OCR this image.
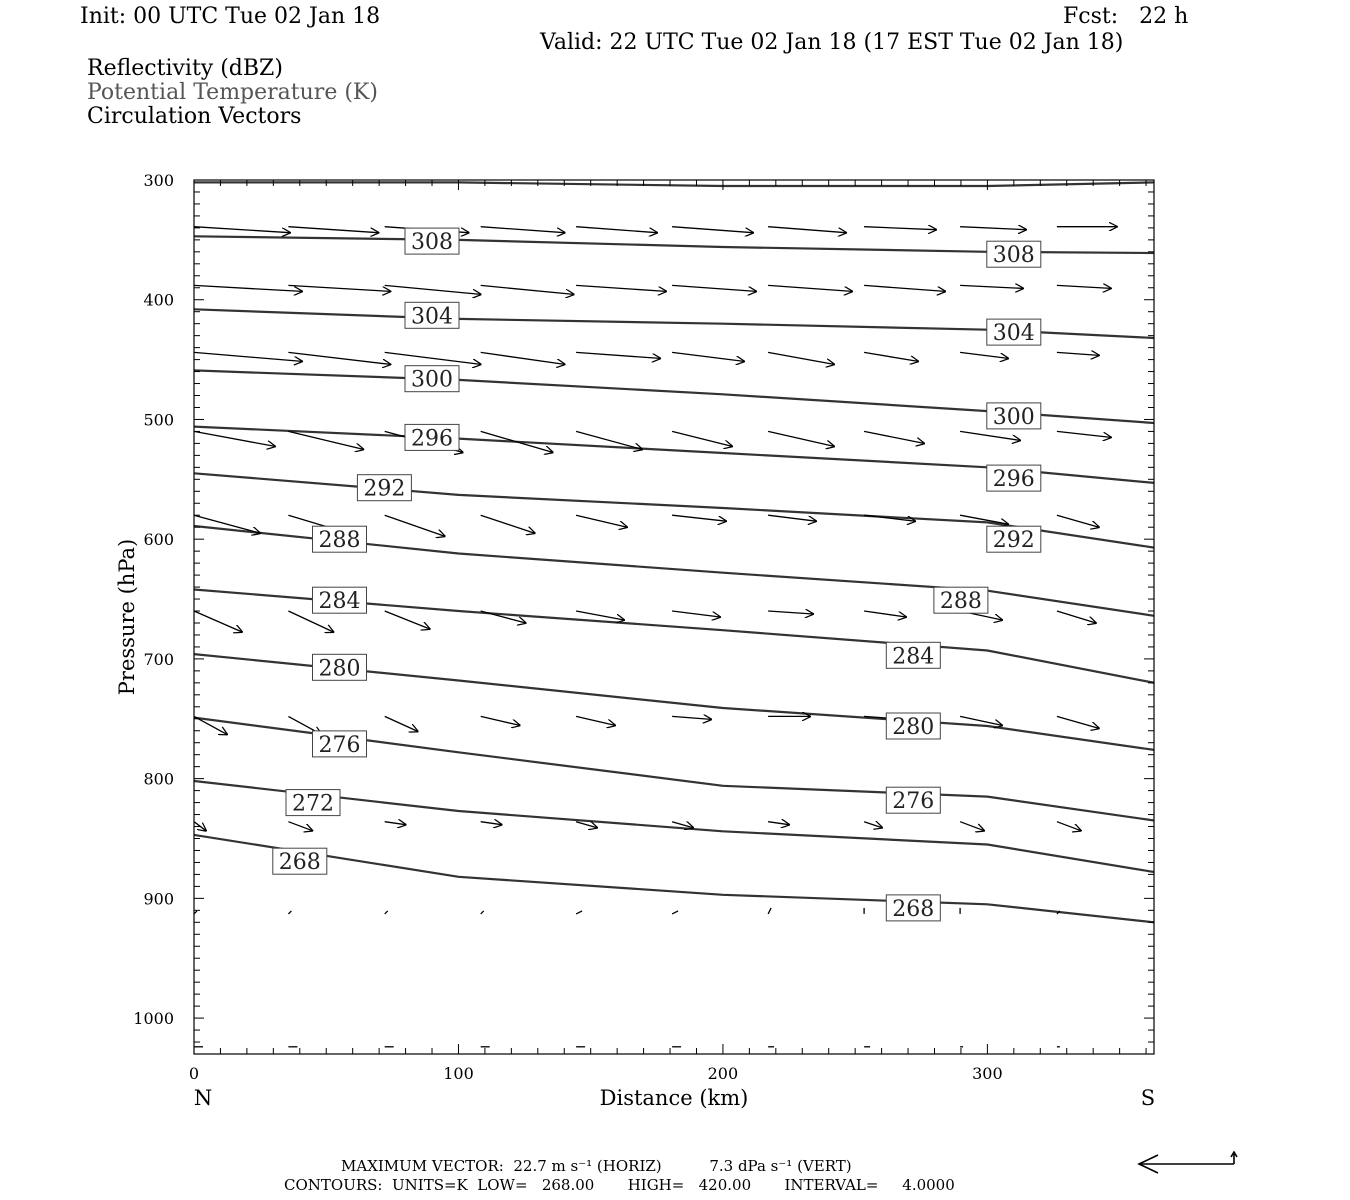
Init: 00 UTC Tue 02 Jan 18	Fcst:   22 h
Valid: 22 UTC Tue 02 Jan 18 (17 EST Tue 02 Jan 18)
Reflectivity (dBZ)
Potential Temperature (K)
Circulation Vectors
308
308
304
304
300
300
296
296
292
292
288
288
284
284
280
280
276
276
272
268
268
0	100	200	300
300
400
500
600
700
800
900
1000
Distance (km)
N	S
Pressure (hPa)
MAXIMUM VECTOR:  22.7 m s⁻¹ (HORIZ)          7.3 dPa s⁻¹ (VERT)
CONTOURS:  UNITS=K  LOW=   268.00       HIGH=   420.00       INTERVAL=     4.0000
